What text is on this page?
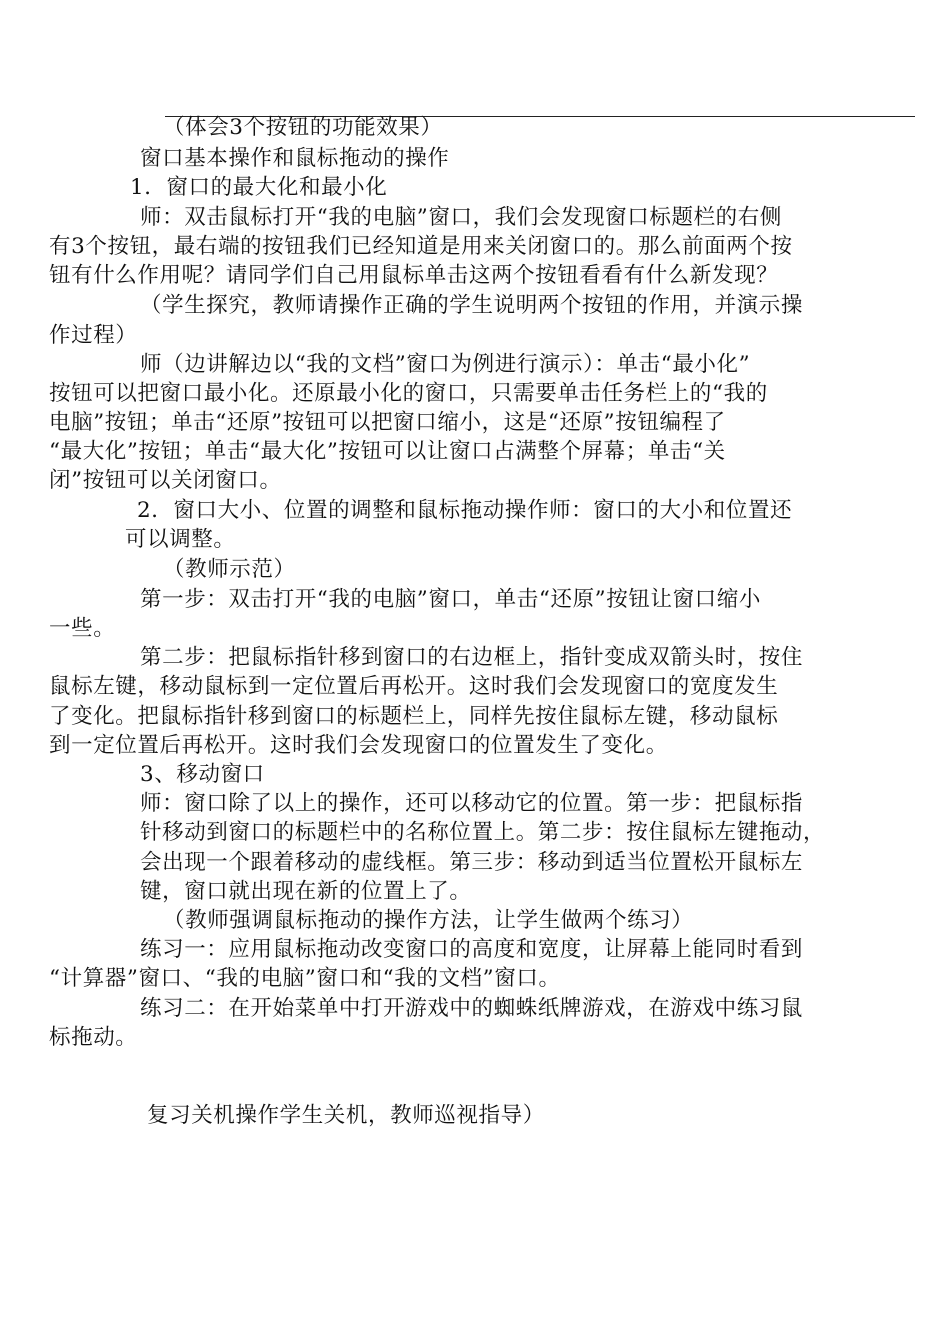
（体会3个按钮的功能效果）
窗口基本操作和鼠标拖动的操作
1．窗口的最大化和最小化
师：双击鼠标打开“我的电脑”窗口，我们会发现窗口标题栏的右侧
有3个按钮，最右端的按钮我们已经知道是用来关闭窗口的。那么前面两个按
钮有什么作用呢？请同学们自己用鼠标单击这两个按钮看看有什么新发现？
（学生探究，教师请操作正确的学生说明两个按钮的作用，并演示操
作过程）
师（边讲解边以“我的文档”窗口为例进行演示）：单击“最小化”
按钮可以把窗口最小化。还原最小化的窗口，只需要单击任务栏上的“我的
电脑”按钮；单击“还原”按钮可以把窗口缩小，这是“还原”按钮编程了
“最大化”按钮；单击“最大化”按钮可以让窗口占满整个屏幕；单击“关
闭”按钮可以关闭窗口。
2．窗口大小、位置的调整和鼠标拖动操作师：窗口的大小和位置还
可以调整。
（教师示范）
第一步：双击打开“我的电脑”窗口，单击“还原”按钮让窗口缩小
一些。
第二步：把鼠标指针移到窗口的右边框上，指针变成双箭头时，按住
鼠标左键，移动鼠标到一定位置后再松开。这时我们会发现窗口的宽度发生
了变化。把鼠标指针移到窗口的标题栏上，同样先按住鼠标左键，移动鼠标
到一定位置后再松开。这时我们会发现窗口的位置发生了变化。
3、移动窗口
师：窗口除了以上的操作，还可以移动它的位置。第一步：把鼠标指
针移动到窗口的标题栏中的名称位置上。第二步：按住鼠标左键拖动，
会出现一个跟着移动的虚线框。第三步：移动到适当位置松开鼠标左
键，窗口就出现在新的位置上了。
（教师强调鼠标拖动的操作方法，让学生做两个练习）
练习一：应用鼠标拖动改变窗口的高度和宽度，让屏幕上能同时看到
“计算器”窗口、“我的电脑”窗口和“我的文档”窗口。
练习二：在开始菜单中打开游戏中的蜘蛛纸牌游戏，在游戏中练习鼠
标拖动。
复习关机操作学生关机，教师巡视指导）
